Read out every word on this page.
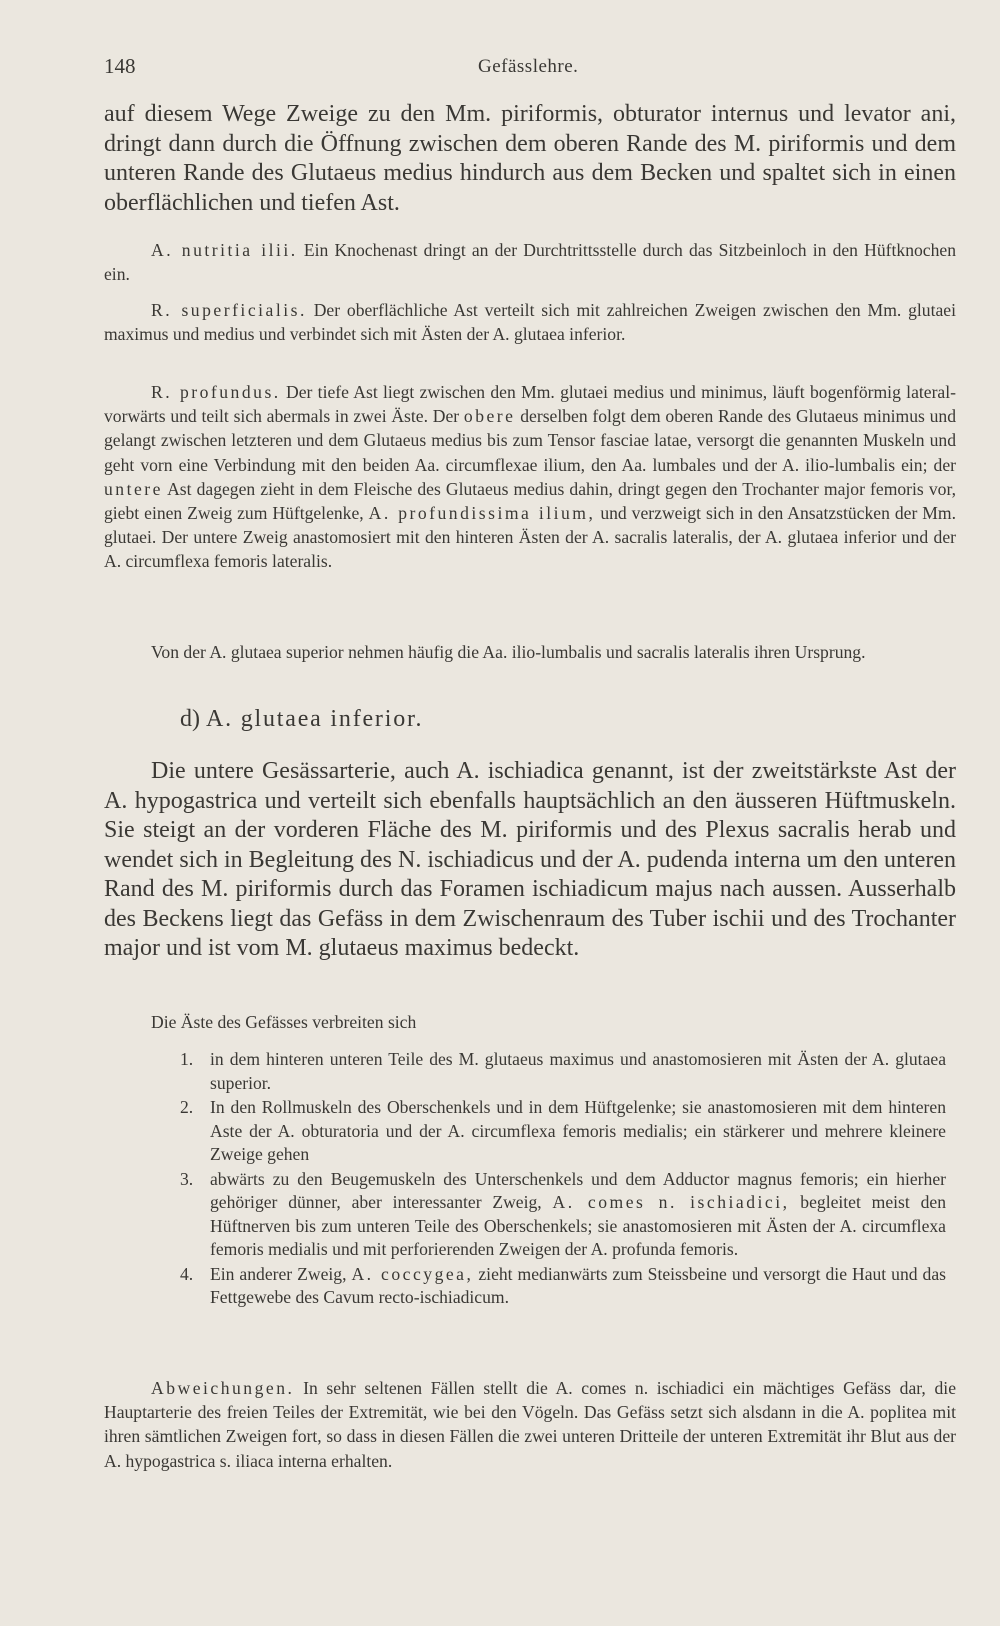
148	Gefässlehre.

auf diesem Wege Zweige zu den Mm. piriformis, obturator internus und levator ani, dringt dann durch die Öffnung zwischen dem oberen Rande des M. piriformis und dem unteren Rande des Glutaeus medius hindurch aus dem Becken und spaltet sich in einen oberflächlichen und tiefen Ast.

A. nutritia ilii. Ein Knochenast dringt an der Durchtrittsstelle durch das Sitzbeinloch in den Hüftknochen ein.

R. superficialis. Der oberflächliche Ast verteilt sich mit zahlreichen Zweigen zwischen den Mm. glutaei maximus und medius und verbindet sich mit Ästen der A. glutaea inferior.

R. profundus. Der tiefe Ast liegt zwischen den Mm. glutaei medius und minimus, läuft bogenförmig lateral-vorwärts und teilt sich abermals in zwei Äste. Der obere derselben folgt dem oberen Rande des Glutaeus minimus und gelangt zwischen letzteren und dem Glutaeus medius bis zum Tensor fasciae latae, versorgt die genannten Muskeln und geht vorn eine Verbindung mit den beiden Aa. circumflexae ilium, den Aa. lumbales und der A. ilio-lumbalis ein; der untere Ast dagegen zieht in dem Fleische des Glutaeus medius dahin, dringt gegen den Trochanter major femoris vor, giebt einen Zweig zum Hüftgelenke, A. profundissima ilium, und verzweigt sich in den Ansatzstücken der Mm. glutaei. Der untere Zweig anastomosiert mit den hinteren Ästen der A. sacralis lateralis, der A. glutaea inferior und der A. circumflexa femoris lateralis.

Von der A. glutaea superior nehmen häufig die Aa. ilio-lumbalis und sacralis lateralis ihren Ursprung.

d) A. glutaea inferior.

Die untere Gesässarterie, auch A. ischiadica genannt, ist der zweitstärkste Ast der A. hypogastrica und verteilt sich ebenfalls hauptsächlich an den äusseren Hüftmuskeln. Sie steigt an der vorderen Fläche des M. piriformis und des Plexus sacralis herab und wendet sich in Begleitung des N. ischiadicus und der A. pudenda interna um den unteren Rand des M. piriformis durch das Foramen ischiadicum majus nach aussen. Ausserhalb des Beckens liegt das Gefäss in dem Zwischenraum des Tuber ischii und des Trochanter major und ist vom M. glutaeus maximus bedeckt.

Die Äste des Gefässes verbreiten sich

1. in dem hinteren unteren Teile des M. glutaeus maximus und anastomosieren mit Ästen der A. glutaea superior.
2. In den Rollmuskeln des Oberschenkels und in dem Hüftgelenke; sie anastomosieren mit dem hinteren Aste der A. obturatoria und der A. circumflexa femoris medialis; ein stärkerer und mehrere kleinere Zweige gehen
3. abwärts zu den Beugemuskeln des Unterschenkels und dem Adductor magnus femoris; ein hierher gehöriger dünner, aber interessanter Zweig, A. comes n. ischiadici, begleitet meist den Hüftnerven bis zum unteren Teile des Oberschenkels; sie anastomosieren mit Ästen der A. circumflexa femoris medialis und mit perforierenden Zweigen der A. profunda femoris.
4. Ein anderer Zweig, A. coccygea, zieht medianwärts zum Steissbeine und versorgt die Haut und das Fettgewebe des Cavum recto-ischiadicum.

Abweichungen. In sehr seltenen Fällen stellt die A. comes n. ischiadici ein mächtiges Gefäss dar, die Hauptarterie des freien Teiles der Extremität, wie bei den Vögeln. Das Gefäss setzt sich alsdann in die A. poplitea mit ihren sämtlichen Zweigen fort, so dass in diesen Fällen die zwei unteren Dritteile der unteren Extremität ihr Blut aus der A. hypogastrica s. iliaca interna erhalten.
